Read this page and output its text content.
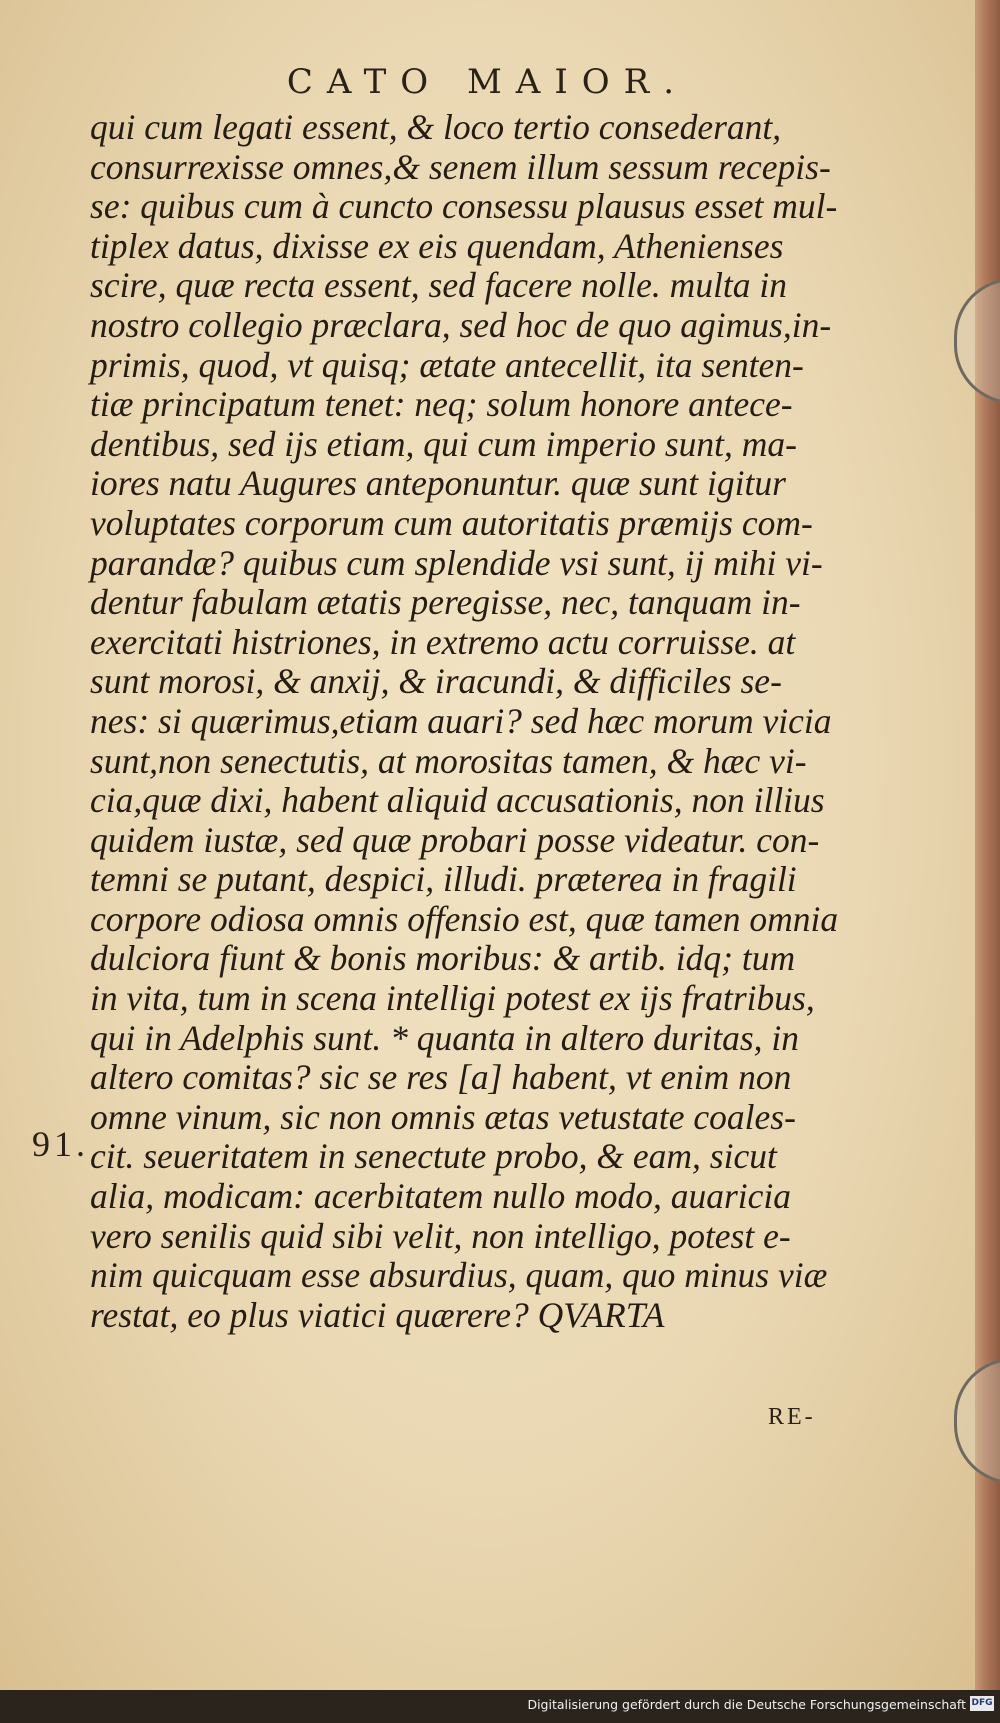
CATO MAIOR.
qui cum legati essent, & loco tertio consederant,
consurrexisse omnes,& senem illum sessum recepis-
se: quibus cum à cuncto consessu plausus esset mul-
tiplex datus, dixisse ex eis quendam, Athenienses
scire, quæ recta essent, sed facere nolle. multa in
nostro collegio præclara, sed hoc de quo agimus,in-
primis, quod, vt quisq; ætate antecellit, ita senten-
tiæ principatum tenet: neq; solum honore antece-
dentibus, sed ijs etiam, qui cum imperio sunt, ma-
iores natu Augures anteponuntur. quæ sunt igitur
voluptates corporum cum autoritatis præmijs com-
parandæ? quibus cum splendide vsi sunt, ij mihi vi-
dentur fabulam ætatis peregisse, nec, tanquam in-
exercitati histriones, in extremo actu corruisse. at
sunt morosi, & anxij, & iracundi, & difficiles se-
nes: si quærimus,etiam auari? sed hæc morum vicia
sunt,non senectutis, at morositas tamen, & hæc vi-
cia,quæ dixi, habent aliquid accusationis, non illius
quidem iustæ, sed quæ probari posse videatur. con-
temni se putant, despici, illudi. præterea in fragili
corpore odiosa omnis offensio est, quæ tamen omnia
dulciora fiunt & bonis moribus: & artib. idq; tum
in vita, tum in scena intelligi potest ex ijs fratribus,
qui in Adelphis sunt. * quanta in altero duritas, in
altero comitas? sic se res [a] habent, vt enim non
omne vinum, sic non omnis ætas vetustate coales-
cit. seueritatem in senectute probo, & eam, sicut
alia, modicam: acerbitatem nullo modo, auaricia
vero senilis quid sibi velit, non intelligo, potest e-
nim quicquam esse absurdius, quam, quo minus viæ
restat, eo plus viatici quærere? QVARTA
91.
RE-
Digitalisierung gefördert durch die Deutsche Forschungsgemeinschaft DFG
